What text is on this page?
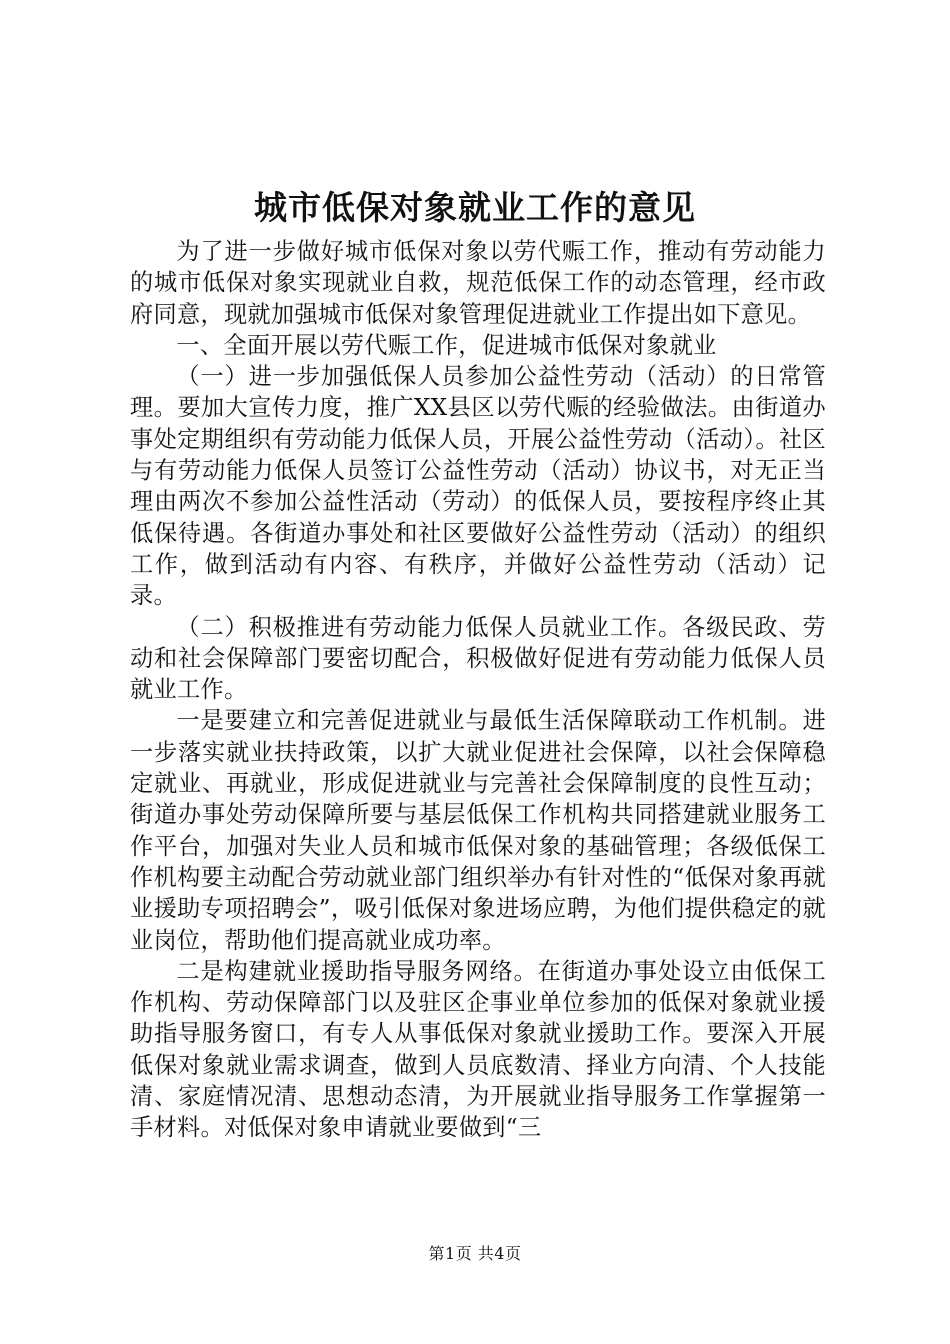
城市低保对象就业工作的意见

为了进一步做好城市低保对象以劳代赈工作，推动有劳动能力的城市低保对象实现就业自救，规范低保工作的动态管理，经市政府同意，现就加强城市低保对象管理促进就业工作提出如下意见。

一、全面开展以劳代赈工作，促进城市低保对象就业

（一）进一步加强低保人员参加公益性劳动（活动）的日常管理。要加大宣传力度，推广XX县区以劳代赈的经验做法。由街道办事处定期组织有劳动能力低保人员，开展公益性劳动（活动）。社区与有劳动能力低保人员签订公益性劳动（活动）协议书，对无正当理由两次不参加公益性活动（劳动）的低保人员，要按程序终止其低保待遇。各街道办事处和社区要做好公益性劳动（活动）的组织工作，做到活动有内容、有秩序，并做好公益性劳动（活动）记录。

（二）积极推进有劳动能力低保人员就业工作。各级民政、劳动和社会保障部门要密切配合，积极做好促进有劳动能力低保人员就业工作。

一是要建立和完善促进就业与最低生活保障联动工作机制。进一步落实就业扶持政策，以扩大就业促进社会保障，以社会保障稳定就业、再就业，形成促进就业与完善社会保障制度的良性互动；街道办事处劳动保障所要与基层低保工作机构共同搭建就业服务工作平台，加强对失业人员和城市低保对象的基础管理；各级低保工作机构要主动配合劳动就业部门组织举办有针对性的“低保对象再就业援助专项招聘会”，吸引低保对象进场应聘，为他们提供稳定的就业岗位，帮助他们提高就业成功率。

二是构建就业援助指导服务网络。在街道办事处设立由低保工作机构、劳动保障部门以及驻区企事业单位参加的低保对象就业援助指导服务窗口，有专人从事低保对象就业援助工作。要深入开展低保对象就业需求调查，做到人员底数清、择业方向清、个人技能清、家庭情况清、思想动态清，为开展就业指导服务工作掌握第一手材料。对低保对象申请就业要做到“三

第1页 共4页
